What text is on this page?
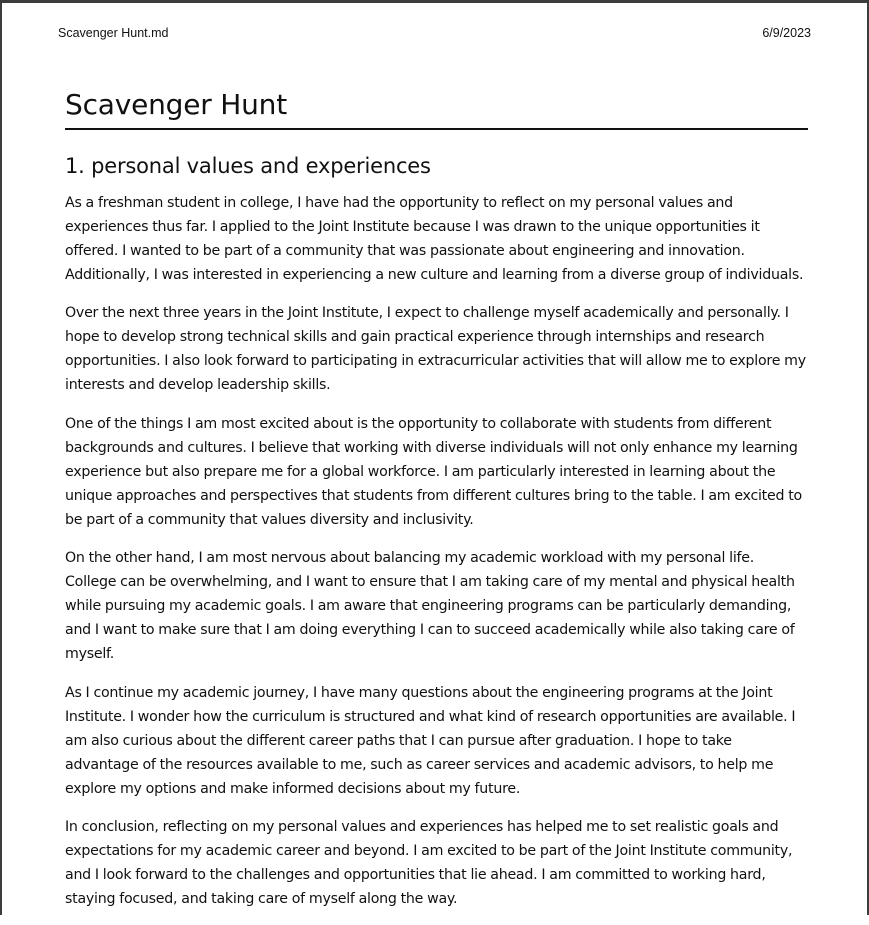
Scavenger Hunt.md	6/9/2023
Scavenger Hunt
1. personal values and experiences

As a freshman student in college, I have had the opportunity to reflect on my personal values and experiences thus far. I applied to the Joint Institute because I was drawn to the unique opportunities it offered. I wanted to be part of a community that was passionate about engineering and innovation. Additionally, I was interested in experiencing a new culture and learning from a diverse group of individuals.

Over the next three years in the Joint Institute, I expect to challenge myself academically and personally. I hope to develop strong technical skills and gain practical experience through internships and research opportunities. I also look forward to participating in extracurricular activities that will allow me to explore my interests and develop leadership skills.

One of the things I am most excited about is the opportunity to collaborate with students from different backgrounds and cultures. I believe that working with diverse individuals will not only enhance my learning experience but also prepare me for a global workforce. I am particularly interested in learning about the unique approaches and perspectives that students from different cultures bring to the table. I am excited to be part of a community that values diversity and inclusivity.

On the other hand, I am most nervous about balancing my academic workload with my personal life. College can be overwhelming, and I want to ensure that I am taking care of my mental and physical health while pursuing my academic goals. I am aware that engineering programs can be particularly demanding, and I want to make sure that I am doing everything I can to succeed academically while also taking care of myself.

As I continue my academic journey, I have many questions about the engineering programs at the Joint Institute. I wonder how the curriculum is structured and what kind of research opportunities are available. I am also curious about the different career paths that I can pursue after graduation. I hope to take advantage of the resources available to me, such as career services and academic advisors, to help me explore my options and make informed decisions about my future.

In conclusion, reflecting on my personal values and experiences has helped me to set realistic goals and expectations for my academic career and beyond. I am excited to be part of the Joint Institute community, and I look forward to the challenges and opportunities that lie ahead. I am committed to working hard, staying focused, and taking care of myself along the way.
